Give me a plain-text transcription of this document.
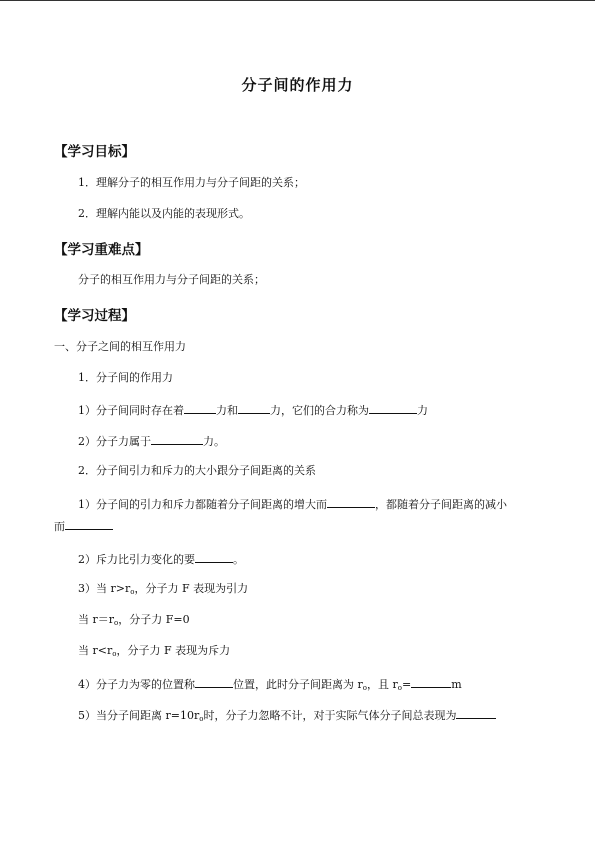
分子间的作用力
【学习目标】
1．理解分子的相互作用力与分子间距的关系；
2．理解内能以及内能的表现形式。
【学习重难点】
分子的相互作用力与分子间距的关系；
【学习过程】
一、分子之间的相互作用力
1．分子间的作用力
1）分子间同时存在着	力和	力，它们的合力称为	力
2）分子力属于	力。
2．分子间引力和斥力的大小跟分子间距离的关系
1）分子间的引力和斥力都随着分子间距离的增大而	，都随着分子间距离的减小
而
2）斥力比引力变化的要	。
3）当 $r>r_o$，分子力 F 表现为引力
当 $r=r_o$，分子力 F=0
当 $r<r_o$，分子力 F 表现为斥力
4）分子力为零的位置称	位置，此时分子间距离为 $r_o$，且 $r_o=$	m
5）当分子间距离 $r=10r_o$时，分子力忽略不计，对于实际气体分子间总表现为
